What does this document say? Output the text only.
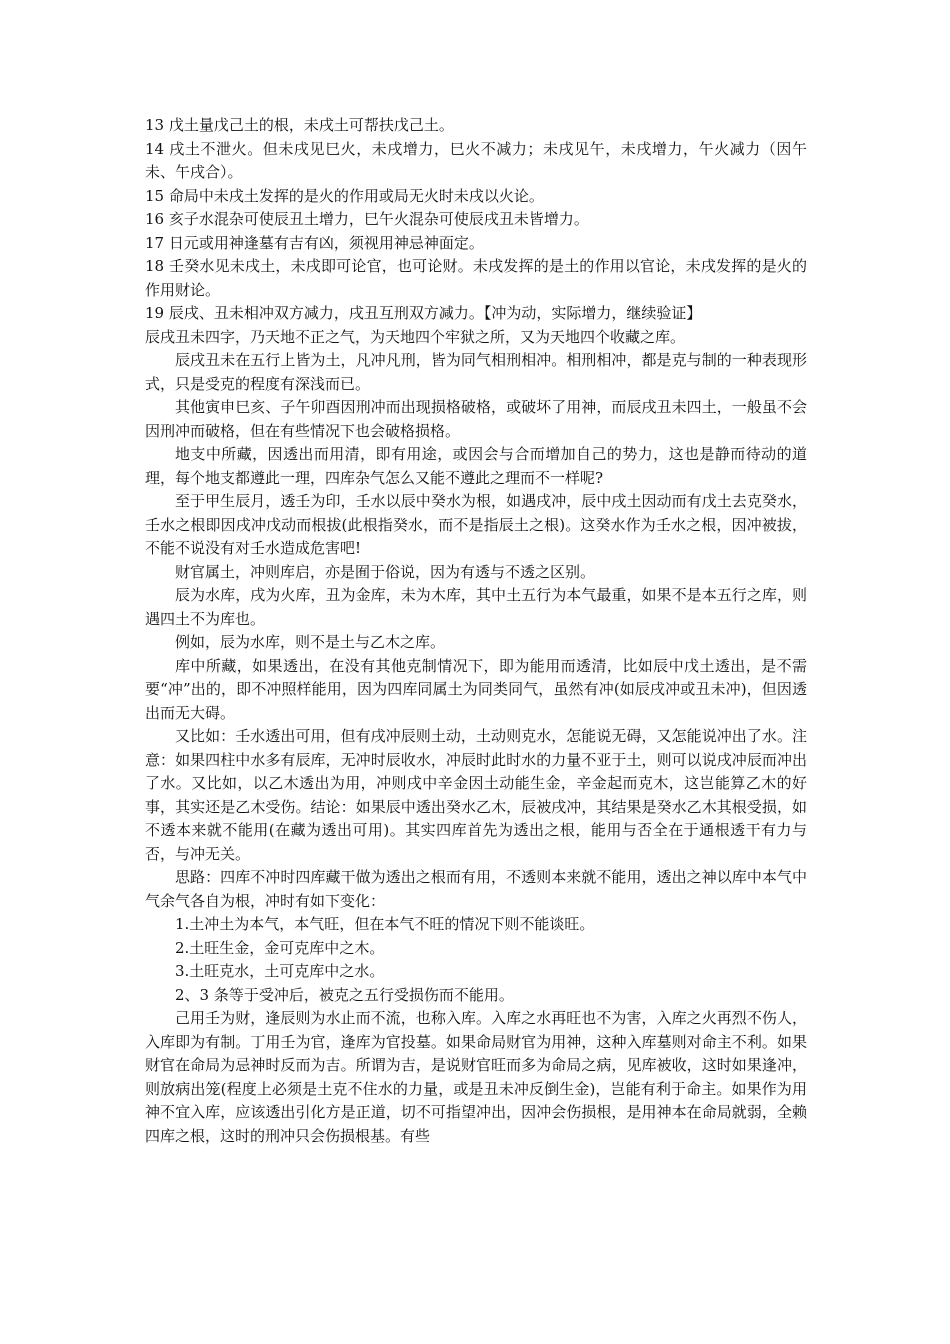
13 戊土量戊己土的根，未戌土可帮扶戊己土。

14 戌土不泄火。但未戌见巳火，未戌增力，巳火不减力；未戌见午，未戌增力，午火减力（因午未、午戌合）。

15 命局中未戌土发挥的是火的作用或局无火时未戌以火论。

16 亥子水混杂可使辰丑土增力，巳午火混杂可使辰戌丑未皆增力。

17 日元或用神逢墓有吉有凶，须视用神忌神面定。

18 壬癸水见未戌土，未戌即可论官，也可论财。未戌发挥的是土的作用以官论，未戌发挥的是火的作用财论。

19 辰戌、丑未相冲双方减力，戌丑互刑双方减力。【冲为动，实际增力，继续验证】

辰戌丑未四字，乃天地不正之气，为天地四个牢狱之所，又为天地四个收藏之库。

辰戌丑未在五行上皆为土，凡冲凡刑，皆为同气相刑相冲。相刑相冲，都是克与制的一种表现形式，只是受克的程度有深浅而已。

其他寅申巳亥、子午卯酉因刑冲而出现损格破格，或破坏了用神，而辰戌丑未四土，一般虽不会因刑冲而破格，但在有些情况下也会破格损格。

地支中所藏，因透出而用清，即有用途，或因会与合而增加自己的势力，这也是静而待动的道理，每个地支都遵此一理，四库杂气怎么又能不遵此之理而不一样呢?

至于甲生辰月，透壬为印，壬水以辰中癸水为根，如遇戌冲，辰中戌土因动而有戊土去克癸水，壬水之根即因戌冲戊动而根拔(此根指癸水，而不是指辰土之根)。这癸水作为壬水之根，因冲被拔，不能不说没有对壬水造成危害吧!

财官属土，冲则库启，亦是囿于俗说，因为有透与不透之区别。

辰为水库，戌为火库，丑为金库，未为木库，其中土五行为本气最重，如果不是本五行之库，则遇四土不为库也。

例如，辰为水库，则不是土与乙木之库。

库中所藏，如果透出，在没有其他克制情况下，即为能用而透清，比如辰中戊土透出，是不需要“冲”出的，即不冲照样能用，因为四库同属土为同类同气，虽然有冲(如辰戌冲或丑未冲)，但因透出而无大碍。

又比如：壬水透出可用，但有戌冲辰则土动，土动则克水，怎能说无碍，又怎能说冲出了水。注意：如果四柱中水多有辰库，无冲时辰收水，冲辰时此时水的力量不亚于土，则可以说戌冲辰而冲出了水。又比如，以乙木透出为用，冲则戌中辛金因土动能生金，辛金起而克木，这岂能算乙木的好事，其实还是乙木受伤。结论：如果辰中透出癸水乙木，辰被戌冲，其结果是癸水乙木其根受损，如不透本来就不能用(在藏为透出可用)。其实四库首先为透出之根，能用与否全在于通根透干有力与否，与冲无关。

思路：四库不冲时四库藏干做为透出之根而有用，不透则本来就不能用，透出之神以库中本气中气余气各自为根，冲时有如下变化：

1.土冲土为本气，本气旺，但在本气不旺的情况下则不能谈旺。

2.土旺生金，金可克库中之木。

3.土旺克水，土可克库中之水。

2、3 条等于受冲后，被克之五行受损伤而不能用。

己用壬为财，逢辰则为水止而不流，也称入库。入库之水再旺也不为害，入库之火再烈不伤人，入库即为有制。丁用壬为官，逢库为官投墓。如果命局财官为用神，这种入库墓则对命主不利。如果财官在命局为忌神时反而为吉。所谓为吉，是说财官旺而多为命局之病，见库被收，这时如果逢冲，则放病出笼(程度上必须是土克不住水的力量，或是丑未冲反倒生金)，岂能有利于命主。如果作为用神不宜入库，应该透出引化方是正道，切不可指望冲出，因冲会伤损根，是用神本在命局就弱，全赖四库之根，这时的刑冲只会伤损根基。有些
